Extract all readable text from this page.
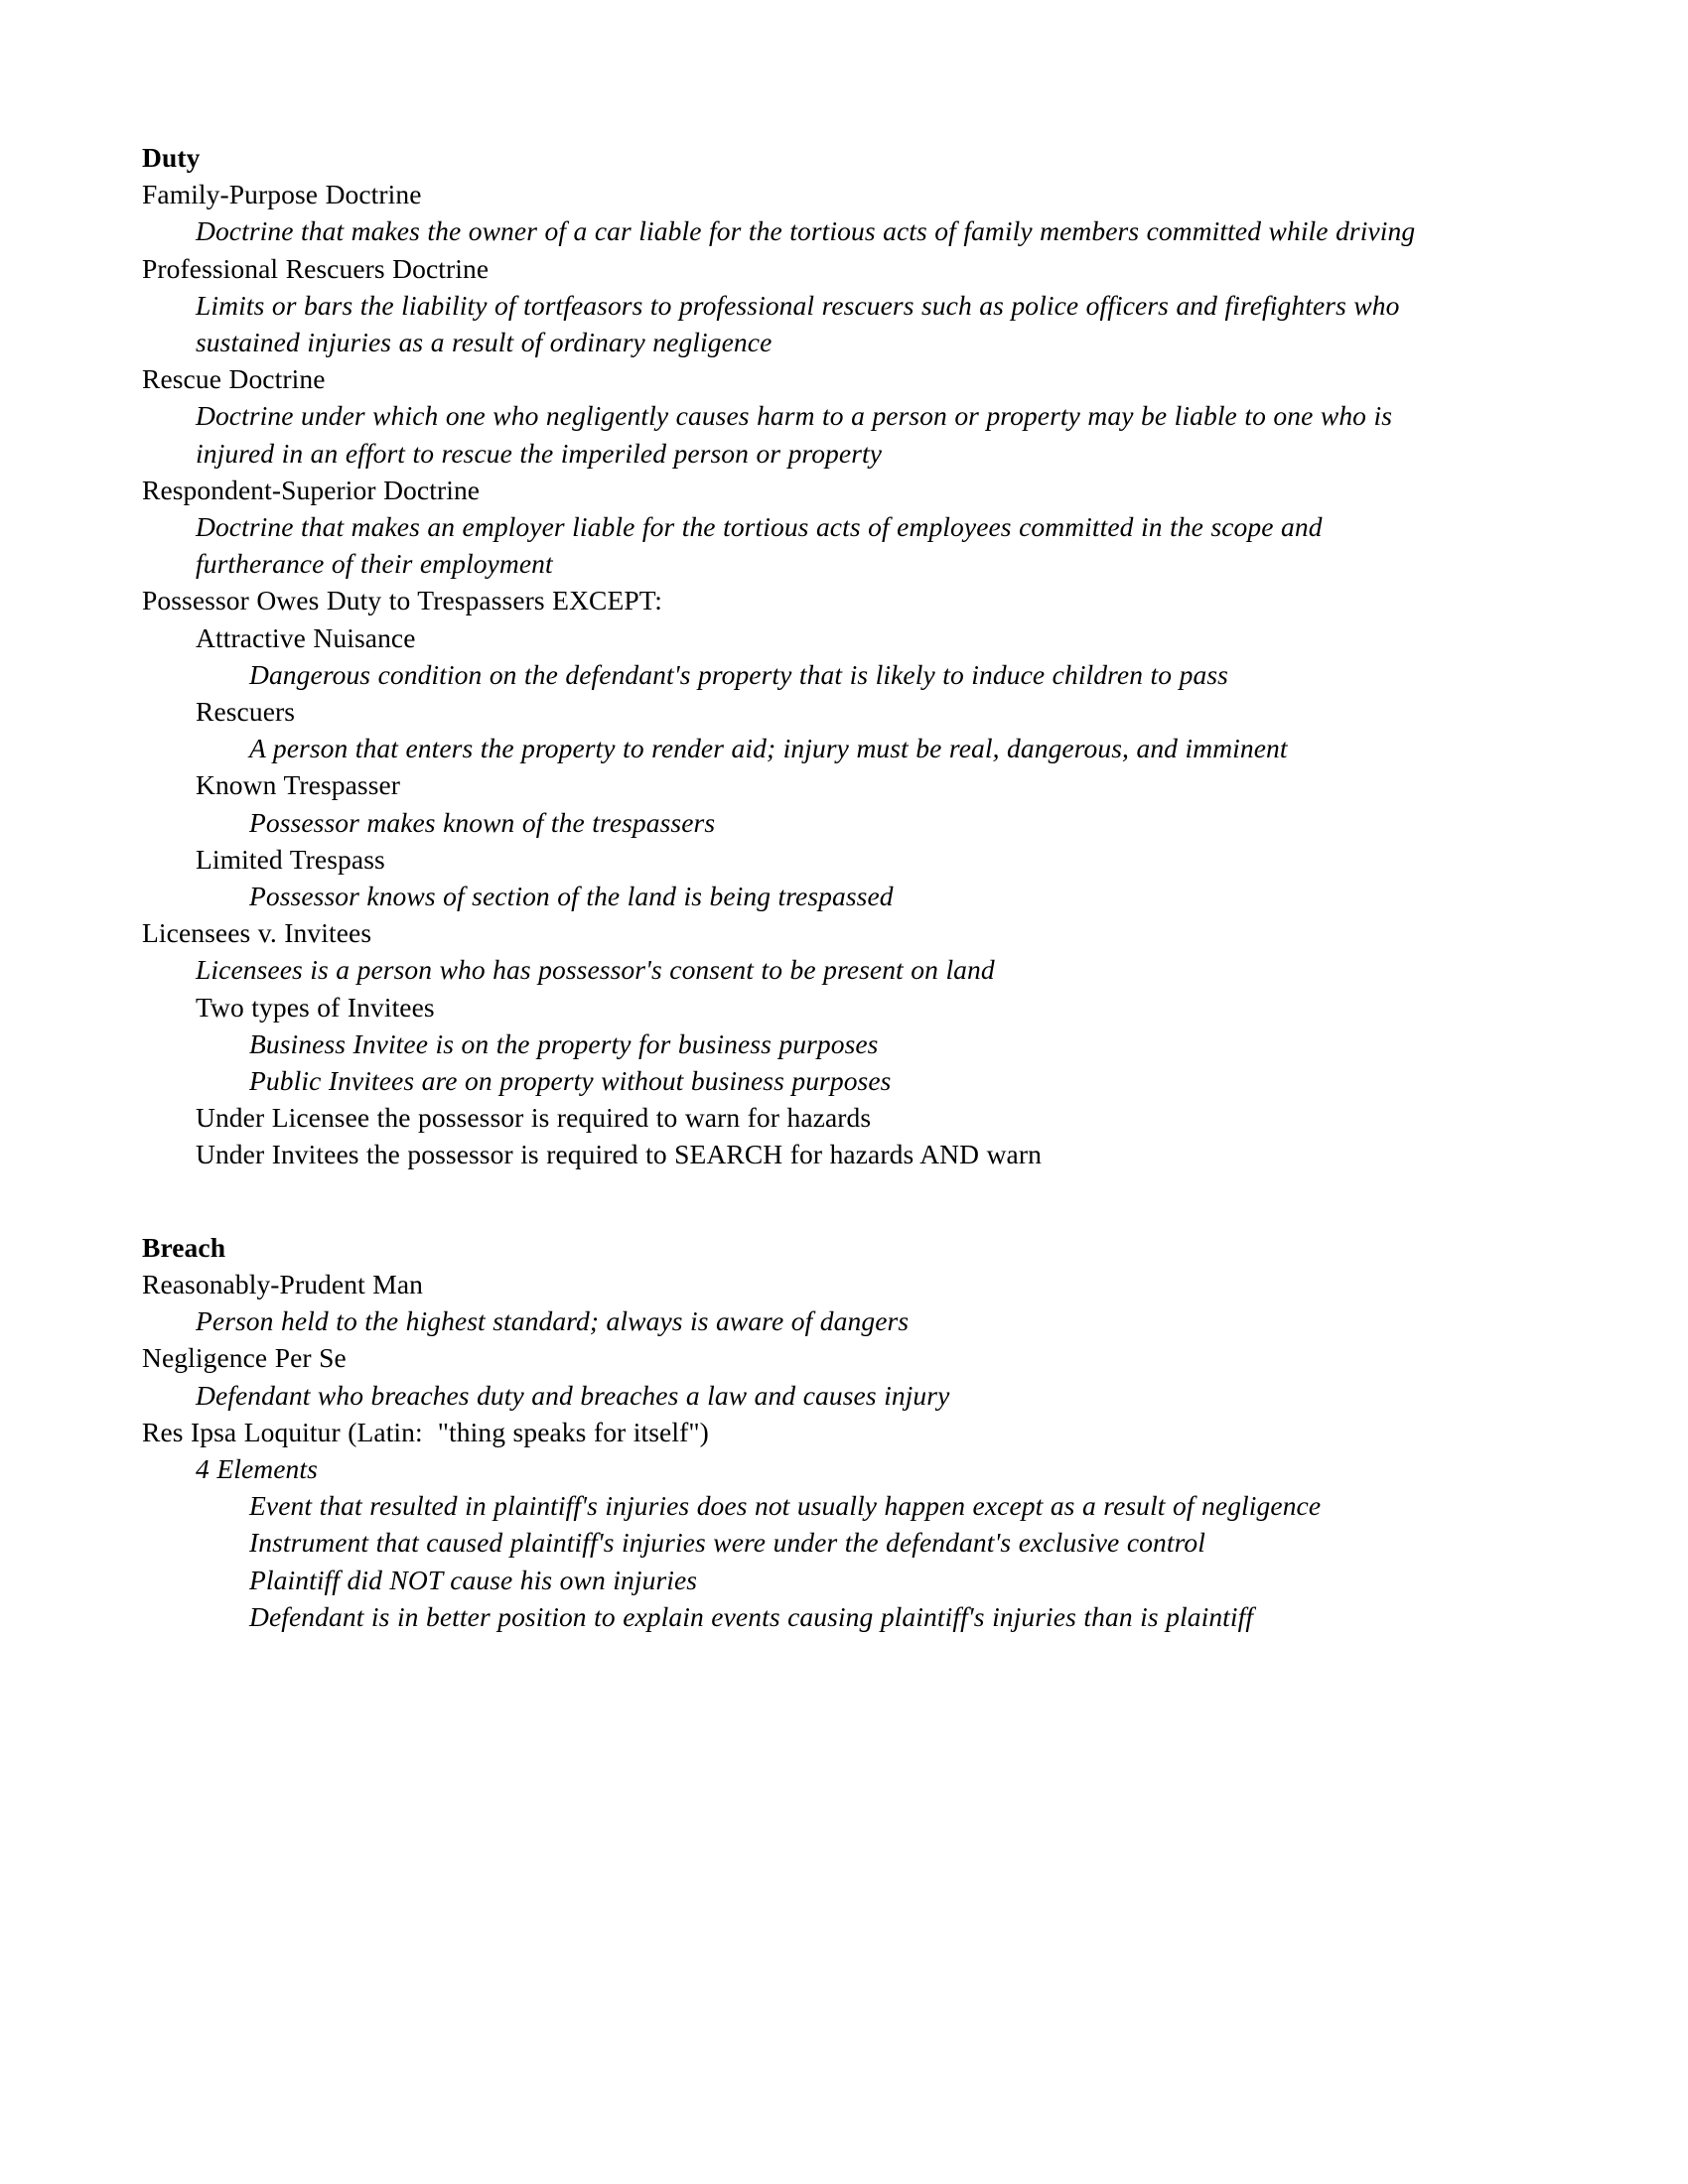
Duty
Family-Purpose Doctrine
Doctrine that makes the owner of a car liable for the tortious acts of family members committed while driving
Professional Rescuers Doctrine
Limits or bars the liability of tortfeasors to professional rescuers such as police officers and firefighters who sustained injuries as a result of ordinary negligence
Rescue Doctrine
Doctrine under which one who negligently causes harm to a person or property may be liable to one who is injured in an effort to rescue the imperiled person or property
Respondent-Superior Doctrine
Doctrine that makes an employer liable for the tortious acts of employees committed in the scope and furtherance of their employment
Possessor Owes Duty to Trespassers EXCEPT:
Attractive Nuisance
Dangerous condition on the defendant's property that is likely to induce children to pass
Rescuers
A person that enters the property to render aid; injury must be real, dangerous, and imminent
Known Trespasser
Possessor makes known of the trespassers
Limited Trespass
Possessor knows of section of the land is being trespassed
Licensees v. Invitees
Licensees is a person who has possessor's consent to be present on land
Two types of Invitees
Business Invitee is on the property for business purposes
Public Invitees are on property without business purposes
Under Licensee the possessor is required to warn for hazards
Under Invitees the possessor is required to SEARCH for hazards AND warn
Breach
Reasonably-Prudent Man
Person held to the highest standard; always is aware of dangers
Negligence Per Se
Defendant who breaches duty and breaches a law and causes injury
Res Ipsa Loquitur (Latin:  "thing speaks for itself")
4 Elements
Event that resulted in plaintiff's injuries does not usually happen except as a result of negligence
Instrument that caused plaintiff's injuries were under the defendant's exclusive control
Plaintiff did NOT cause his own injuries
Defendant is in better position to explain events causing plaintiff's injuries than is plaintiff
